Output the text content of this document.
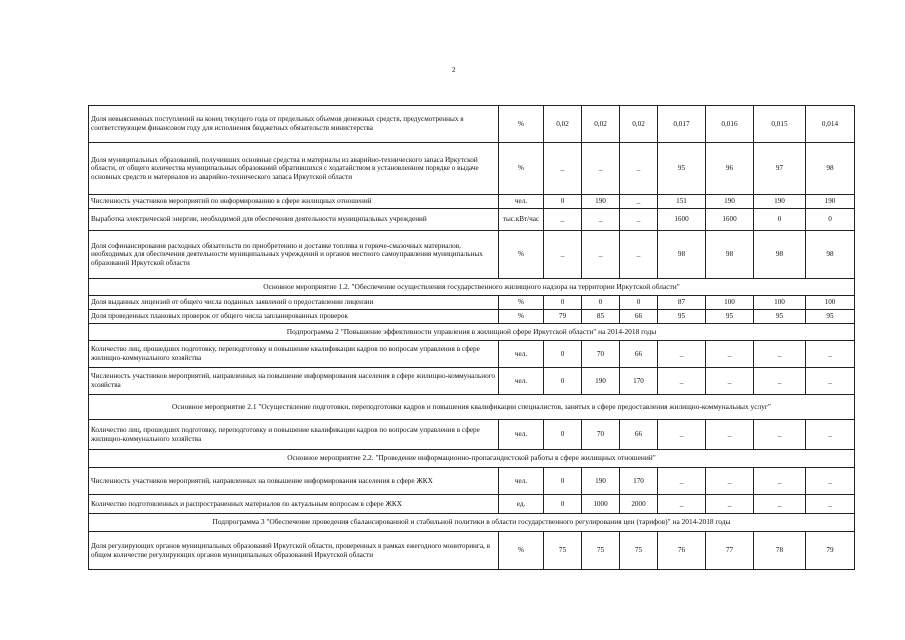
2
Доля невыясненных поступлений на конец текущего года от предельных объемов денежных средств, предусмотренных в соответствующем финансовом году для исполнения бюджетных обязательств министерства	%	0,02	0,02	0,02	0,017	0,016	0,015	0,014
Доля муниципальных образований, получивших основные средства и материалы из аварийно-технического запаса Иркутской области, от общего количества муниципальных образований обратившихся с ходатайством в установленном порядке о выдаче основных средств и материалов из аварийно-технического запаса Иркутской области	%	_	_	_	95	96	97	98
Численность участников мероприятий по информированию в сфере жилищных отношений	чел.	0	190	_	151	190	190	190
Выработка электрической энергии, необходимой для обеспечения деятельности муниципальных учреждений	тыс.кВт/час	_	_	_	1600	1600	0	0
Доля софинансирования расходных обязательств по приобретению и доставке топлива и горюче-смазочных материалов, необходимых для обеспечения деятельности муниципальных учреждений и органов местного самоуправления муниципальных образований Иркутской области	%	_	_	_	98	98	98	98
Основное мероприятие 1.2. "Обеспечение осуществления государственного жилищного надзора на территории Иркутской области"								
Доля выданных лицензий от общего числа поданных заявлений о предоставлении лицензии	%	0	0	0	87	100	100	100
Доля проведенных плановых проверок от общего числа запланированных проверок	%	79	85	66	95	95	95	95
Подпрограмма 2 "Повышение эффективности управления в жилищной сфере Иркутской области" на 2014-2018 годы								
Количество лиц, прошедших подготовку, переподготовку и повышение квалификации кадров по вопросам управления в сфере жилищно-коммунального хозяйства	чел.	0	70	66	_	_	_	_
Численность участников мероприятий, направленных на повышение информирования населения в сфере жилищно-коммунального хозяйства	чел.	0	190	170	_	_	_	_
Основное мероприятие 2.1 "Осуществление подготовки, переподготовки кадров и повышения квалификации специалистов, занятых в сфере предоставления жилищно-коммунальных услуг"								
Количество лиц, прошедших подготовку, переподготовку и повышение квалификации кадров по вопросам управления в сфере жилищно-коммунального хозяйства	чел.	0	70	66	_	_	_	_
Основное мероприятие 2.2. "Проведение информационно-пропагандистской работы в сфере жилищных отношений"								
Численность участников мероприятий, направленных на повышение информирования населения в сфере ЖКХ	чел.	0	190	170	_	_	_	_
Количество подготовленных и распространенных материалов по актуальным вопросам в сфере ЖКХ	ед.	0	1000	2000	_	_	_	_
Подпрограмма 3 "Обеспечение проведения сбалансированной и стабильной политики в области государственного регулирования цен (тарифов)" на 2014-2018 годы								
Доля регулирующих органов муниципальных образований Иркутской области, проверенных в рамках ежегодного мониторинга, в общем количестве регулирующих органов муниципальных образований Иркутской области	%	75	75	75	76	77	78	79
